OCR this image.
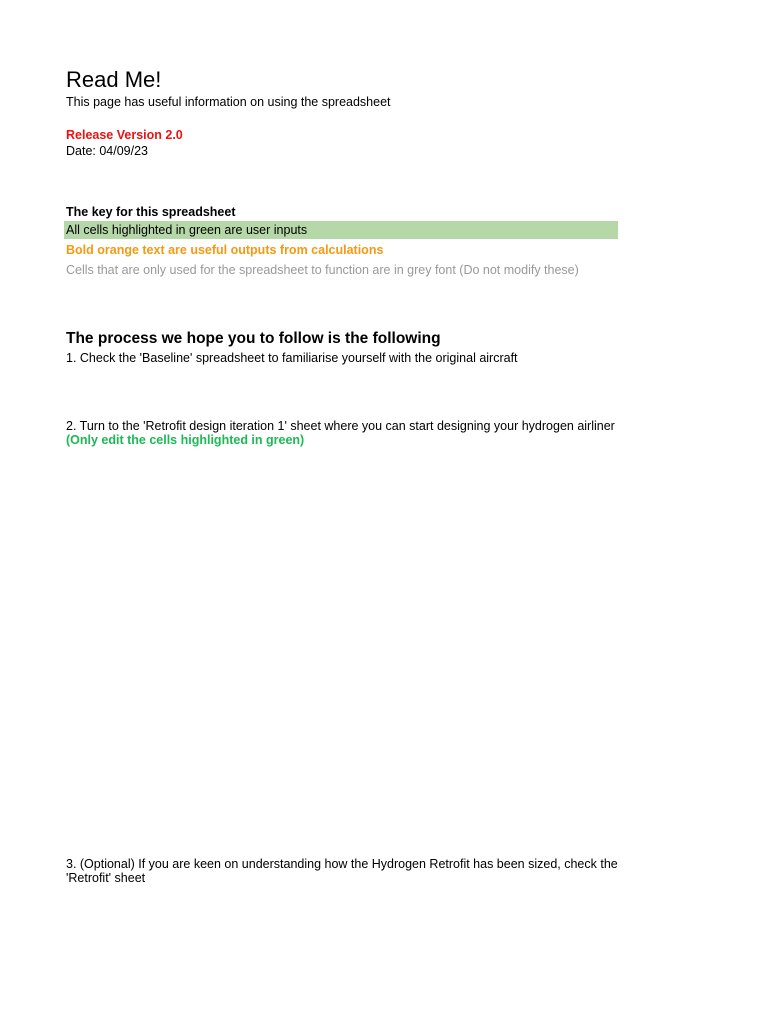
Read Me!

This page has useful information on using the spreadsheet

Release Version 2.0

Date: 04/09/23

The key for this spreadsheet

All cells highlighted in green are user inputs

Bold orange text are useful outputs from calculations

Cells that are only used for the spreadsheet to function are in grey font (Do not modify these)

The process we hope you to follow is the following

1. Check the 'Baseline' spreadsheet to familiarise yourself with the original aircraft

2. Turn to the 'Retrofit design iteration 1' sheet where you can start designing your hydrogen airliner (Only edit the cells highlighted in green)

3. (Optional) If you are keen on understanding how the Hydrogen Retrofit has been sized, check the 'Retrofit' sheet
